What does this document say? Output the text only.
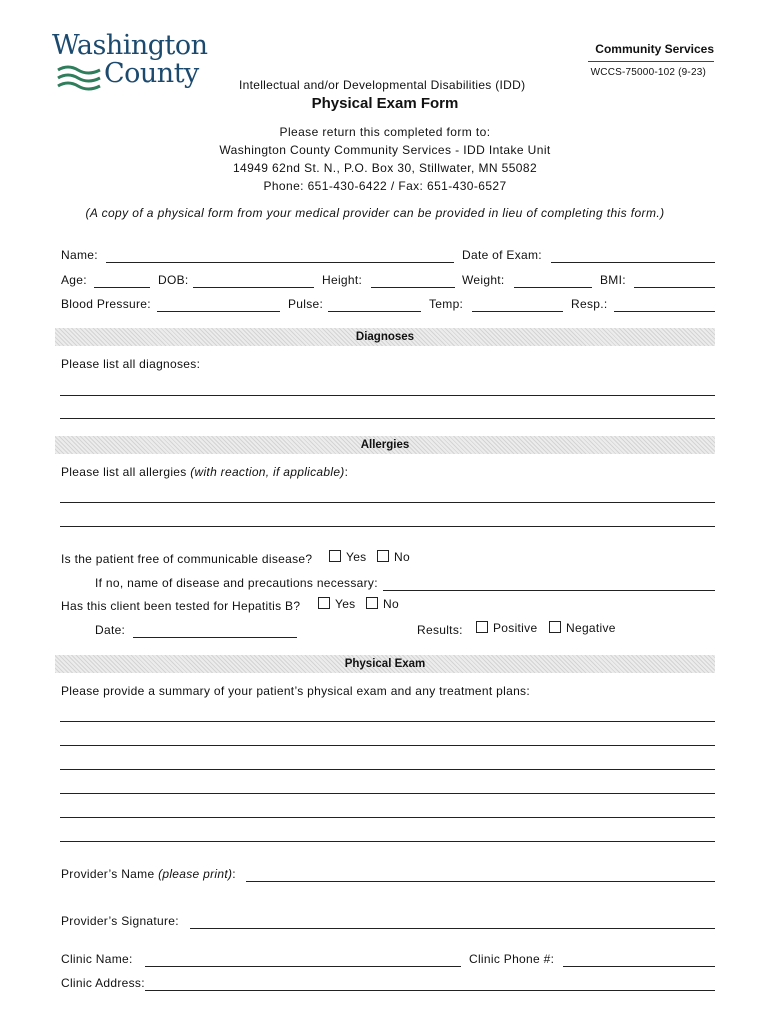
Washington
County
Community Services
WCCS-75000-102 (9-23)
Intellectual and/or Developmental Disabilities (IDD)
Physical Exam Form
Please return this completed form to:
Washington County Community Services - IDD Intake Unit
14949 62nd St. N., P.O. Box 30, Stillwater, MN 55082
Phone: 651-430-6422 / Fax: 651-430-6527
(A copy of a physical form from your medical provider can be provided in lieu of completing this form.)
Name:	Date of Exam:
Age:	DOB:	Height:	Weight:	BMI:
Blood Pressure:	Pulse:	Temp:	Resp.:
Diagnoses
Please list all diagnoses:
Allergies
Please list all allergies (with reaction, if applicable):
Is the patient free of communicable disease?	Yes	No
If no, name of disease and precautions necessary:
Has this client been tested for Hepatitis B?	Yes	No
Date:	Results:	Positive	Negative
Physical Exam
Please provide a summary of your patient’s physical exam and any treatment plans:
Provider’s Name (please print):
Provider’s Signature:
Clinic Name:	Clinic Phone #:
Clinic Address:
